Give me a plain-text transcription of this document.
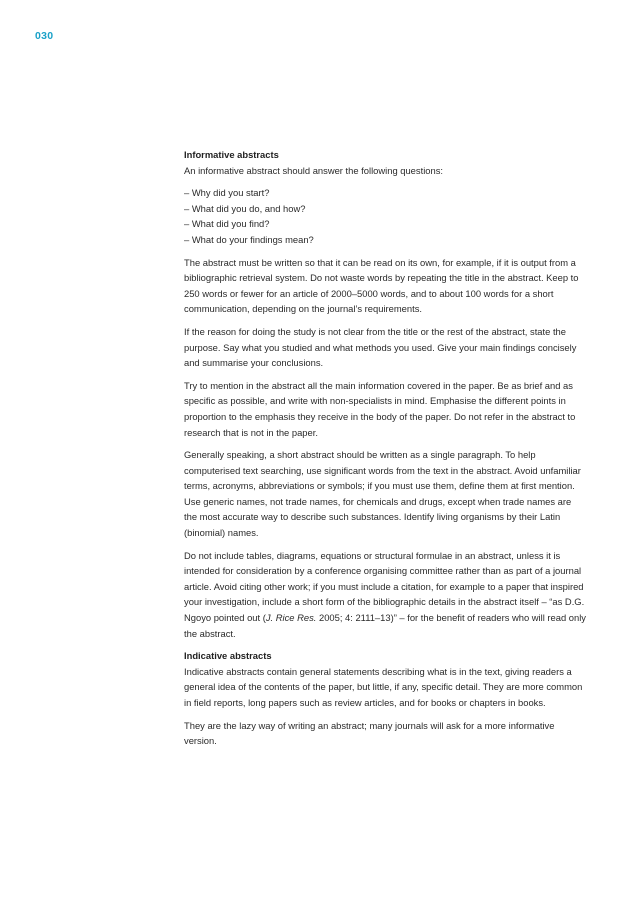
030

Informative abstracts

An informative abstract should answer the following questions:

– Why did you start?
– What did you do, and how?
– What did you find?
– What do your findings mean?

The abstract must be written so that it can be read on its own, for example, if it is output from a bibliographic retrieval system. Do not waste words by repeating the title in the abstract. Keep to 250 words or fewer for an article of 2000–5000 words, and to about 100 words for a short communication, depending on the journal’s requirements.

If the reason for doing the study is not clear from the title or the rest of the abstract, state the purpose. Say what you studied and what methods you used. Give your main findings concisely and summarise your conclusions.

Try to mention in the abstract all the main information covered in the paper. Be as brief and as specific as possible, and write with non-specialists in mind. Emphasise the different points in proportion to the emphasis they receive in the body of the paper. Do not refer in the abstract to research that is not in the paper.

Generally speaking, a short abstract should be written as a single paragraph. To help computerised text searching, use significant words from the text in the abstract. Avoid unfamiliar terms, acronyms, abbreviations or symbols; if you must use them, define them at first mention. Use generic names, not trade names, for chemicals and drugs, except when trade names are the most accurate way to describe such substances. Identify living organisms by their Latin (binomial) names.

Do not include tables, diagrams, equations or structural formulae in an abstract, unless it is intended for consideration by a conference organising committee rather than as part of a journal article. Avoid citing other work; if you must include a citation, for example to a paper that inspired your investigation, include a short form of the bibliographic details in the abstract itself – “as D.G. Ngoyo pointed out (J. Rice Res. 2005; 4: 2111–13)” – for the benefit of readers who will read only the abstract.

Indicative abstracts

Indicative abstracts contain general statements describing what is in the text, giving readers a general idea of the contents of the paper, but little, if any, specific detail. They are more common in field reports, long papers such as review articles, and for books or chapters in books.

They are the lazy way of writing an abstract; many journals will ask for a more informative version.
